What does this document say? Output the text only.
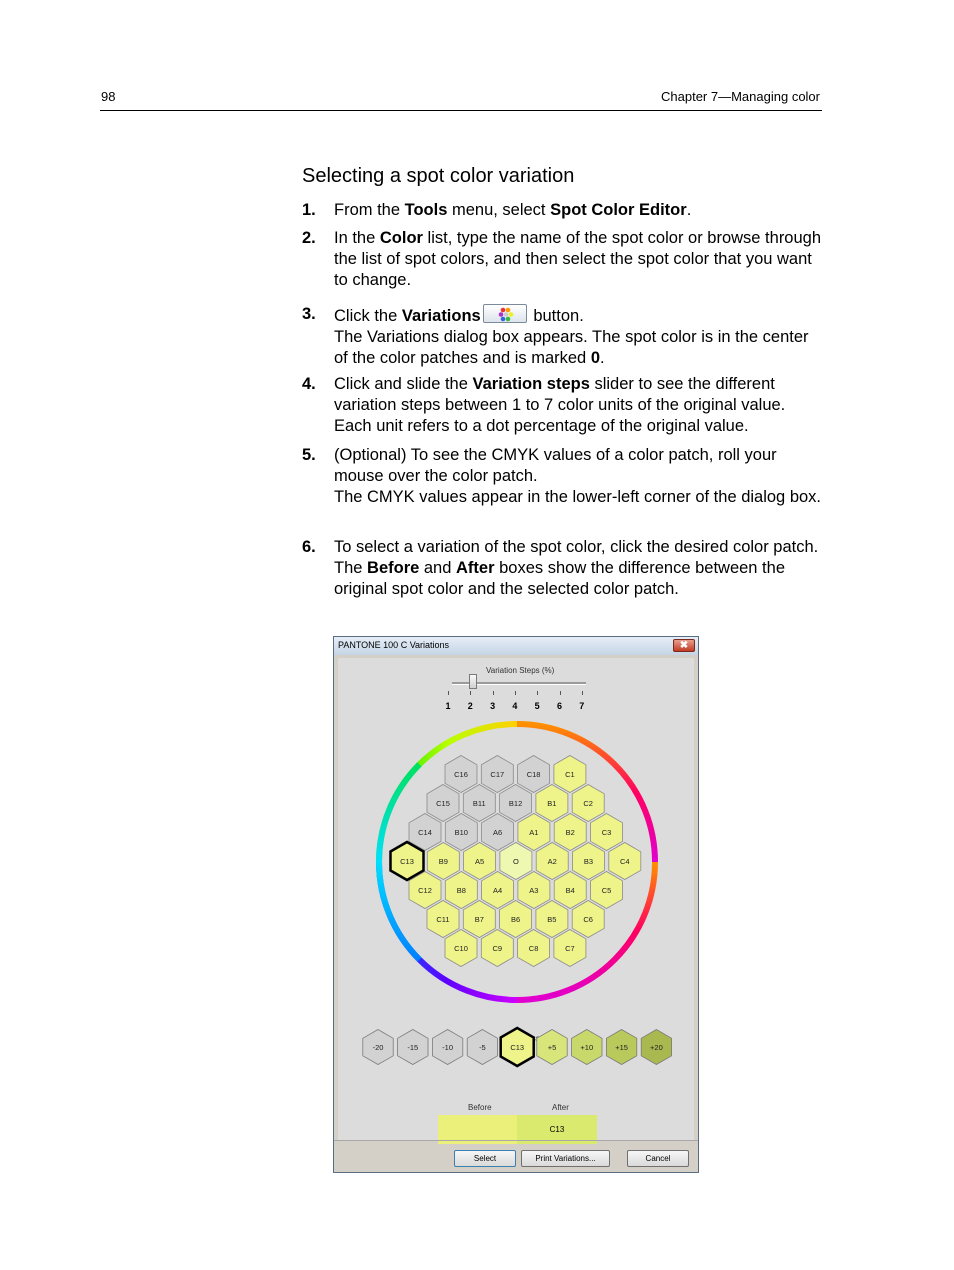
98	Chapter 7—Managing color
Selecting a spot color variation
1. From the Tools menu, select Spot Color Editor.
2. In the Color list, type the name of the spot color or browse through the list of spot colors, and then select the spot color that you want to change.
3. Click the Variations	button.
The Variations dialog box appears. The spot color is in the center of the color patches and is marked 0.
4. Click and slide the Variation steps slider to see the different variation steps between 1 to 7 color units of the original value. Each unit refers to a dot percentage of the original value.
5. (Optional) To see the CMYK values of a color patch, roll your mouse over the color patch.
The CMYK values appear in the lower-left corner of the dialog box.
6. To select a variation of the spot color, click the desired color patch.
The Before and After boxes show the difference between the original spot color and the selected color patch.
PANTONE 100 C Variations	✖
Variation Steps (%)
1	2	3	4	5	6	7
C16	C17	C18	C1
C15	B11	B12	B1	C2
C14	B10	A6	A1	B2	C3
C13	B9	A5	O	A2	B3	C4
C12	B8	A4	A3	B4	C5
C11	B7	B6	B5	C6
C10	C9	C8	C7
-20	-15	-10	-5	C13	+5	+10	+15	+20
Before	After
C13
Select	Print Variations...	Cancel
